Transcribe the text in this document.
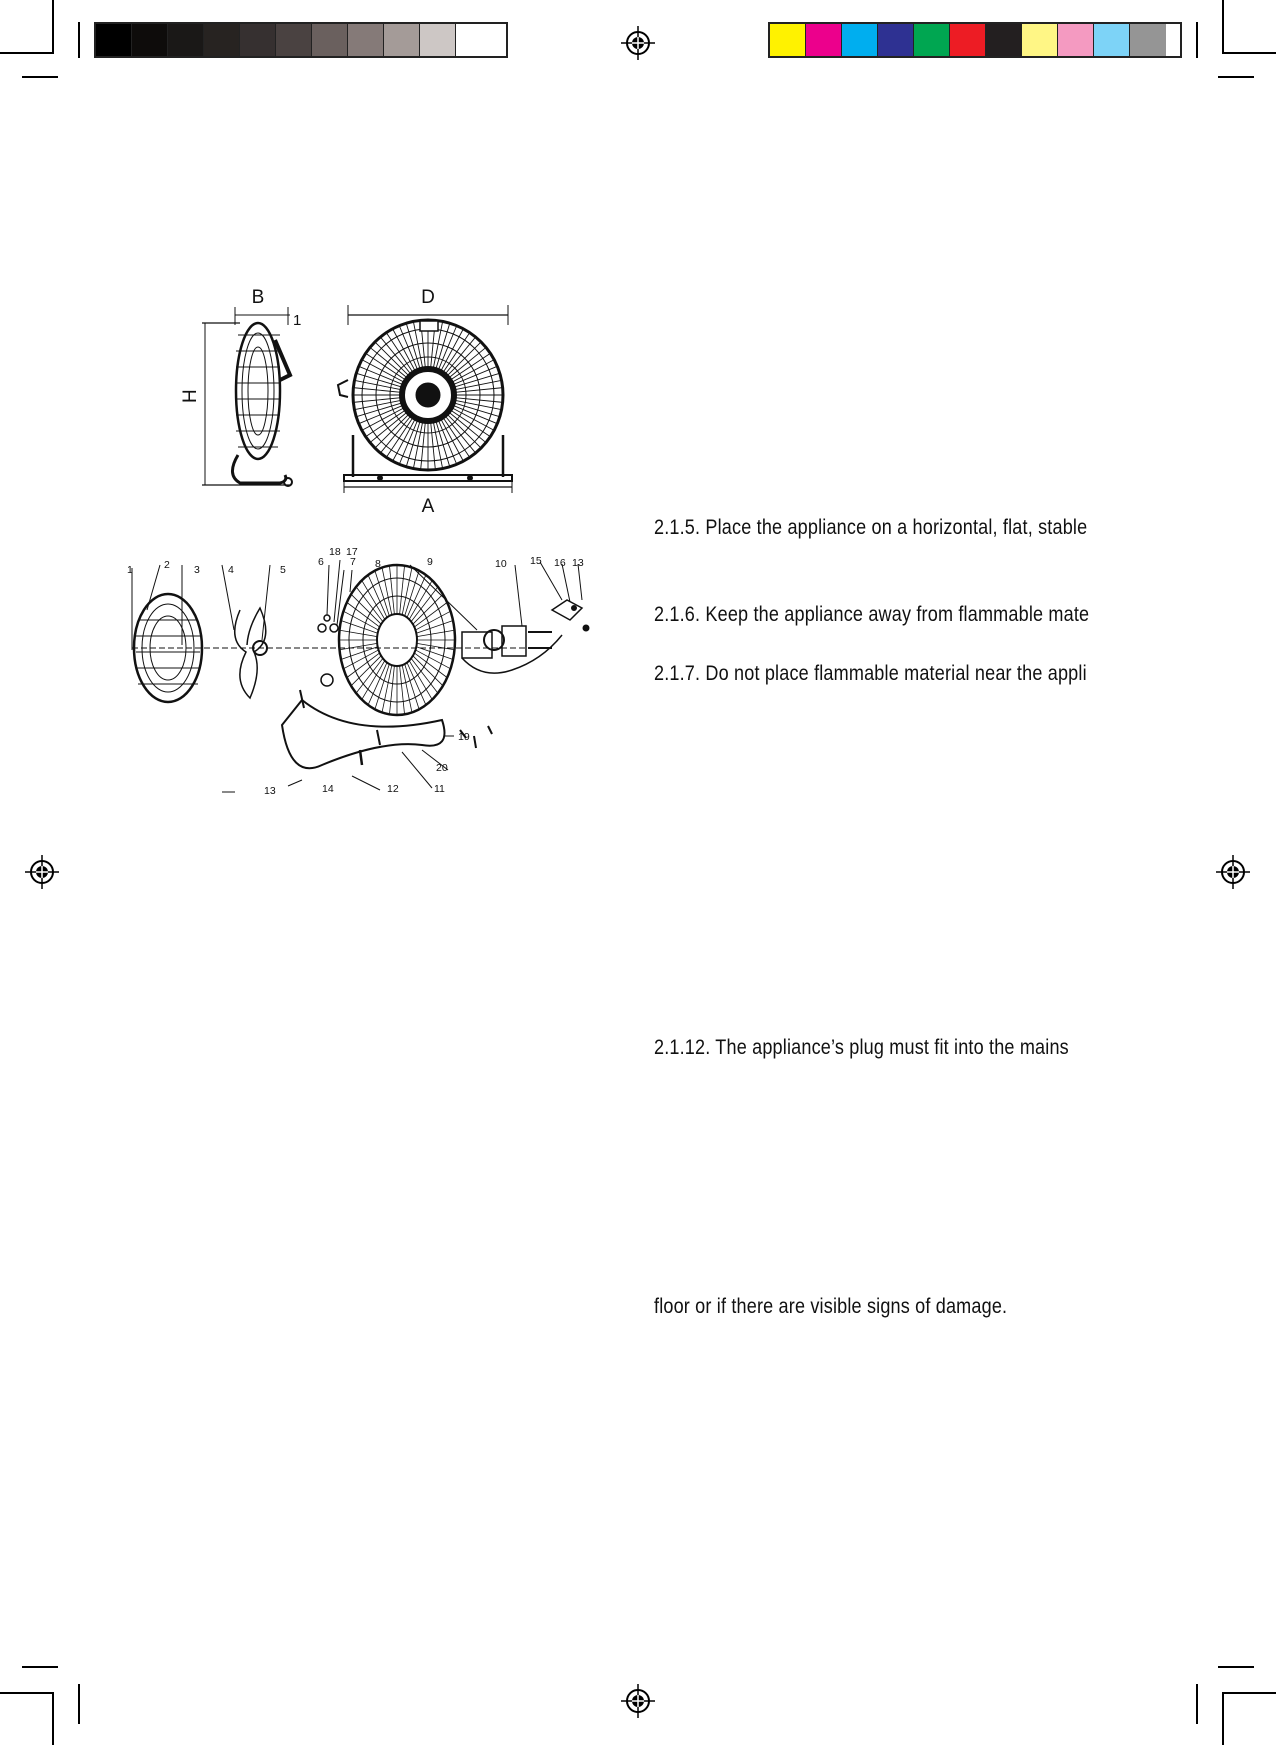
B
1
H
D
A
1	2 3	4	5
6 7 8	9	10
11
12
13
13
14
15 16
17
18
19
20
2.1.5. Place the appliance on a horizontal, flat, stable
2.1.6. Keep the appliance away from flammable mate
2.1.7. Do not place flammable material near the appli
2.1.12. The appliance’s plug must fit into the mains
floor or if there are visible signs of damage.
